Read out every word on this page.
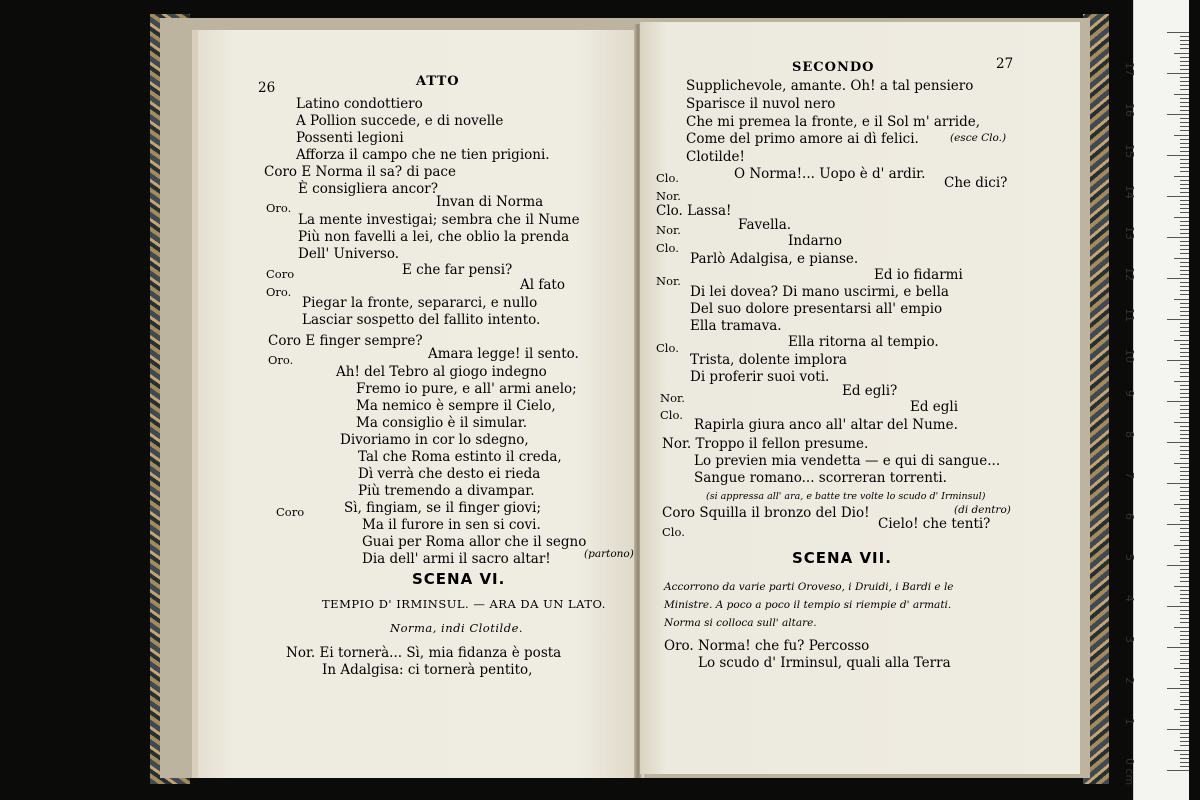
26	ATTO
Latino condottiero
A Pollion succede, e di novelle
Possenti legioni
Afforza il campo che ne tien prigioni.
Coro E Norma il sa? di pace
È consigliera ancor?
Oro.	Invan di Norma
La mente investigai; sembra che il Nume
Più non favelli a lei, che oblio la prenda
Dell' Universo.
Coro	E che far pensi?
Oro.	Al fato
Piegar la fronte, separarci, e nullo
Lasciar sospetto del fallito intento.
Coro E finger sempre?
Oro.	Amara legge! il sento.
Ah! del Tebro al giogo indegno
Fremo io pure, e all' armi anelo;
Ma nemico è sempre il Cielo,
Ma consiglio è il simular.
Divoriamo in cor lo sdegno,
Tal che Roma estinto il creda,
Dì verrà che desto ei rieda
Più tremendo a divampar.
Coro	Sì, fingiam, se il finger giovi;
Ma il furore in sen si covi.
Guai per Roma allor che il segno
Dia dell' armi il sacro altar!	(partono)
SCENA VI.
TEMPIO D' IRMINSUL. — ARA DA UN LATO.
Norma, indi Clotilde.
Nor. Ei tornerà... Sì, mia fidanza è posta
In Adalgisa: ci tornerà pentito,
SECONDO	27
Supplichevole, amante. Oh! a tal pensiero
Sparisce il nuvol nero
Che mi premea la fronte, e il Sol m' arride,
Come del primo amore ai dì felici.	(esce Clo.)
Clotilde!
Clo.	O Norma!... Uopo è d' ardir.
Nor.
Che dici?
Clo. Lassa!
Nor.	Favella.
Clo.	Indarno
Parlò Adalgisa, e pianse.
Nor.	Ed io fidarmi
Di lei dovea? Di mano uscirmi, e bella
Del suo dolore presentarsi all' empio
Ella tramava.
Clo.	Ella ritorna al tempio.
Trista, dolente implora
Di proferir suoi voti.
Nor.	Ed egli?
Clo.	Ed egli
Rapirla giura anco all' altar del Nume.
Nor. Troppo il fellon presume.
Lo previen mia vendetta — e qui di sangue...
Sangue romano... scorreran torrenti.
(si appressa all' ara, e batte tre volte lo scudo d' Irminsul)
Coro Squilla il bronzo del Dio!	(di dentro)
Clo.	Cielo! che tenti?
SCENA VII.
Accorrono da varie parti Oroveso, i Druidi, i Bardi e le
Ministre. A poco a poco il tempio si riempie d' armati.
Norma si colloca sull' altare.
Oro. Norma! che fu? Percosso
Lo scudo d' Irminsul, quali alla Terra
0 cm
1
2
3
4
5
6
7
8
9
10
11
12
13
14
15
16
17
